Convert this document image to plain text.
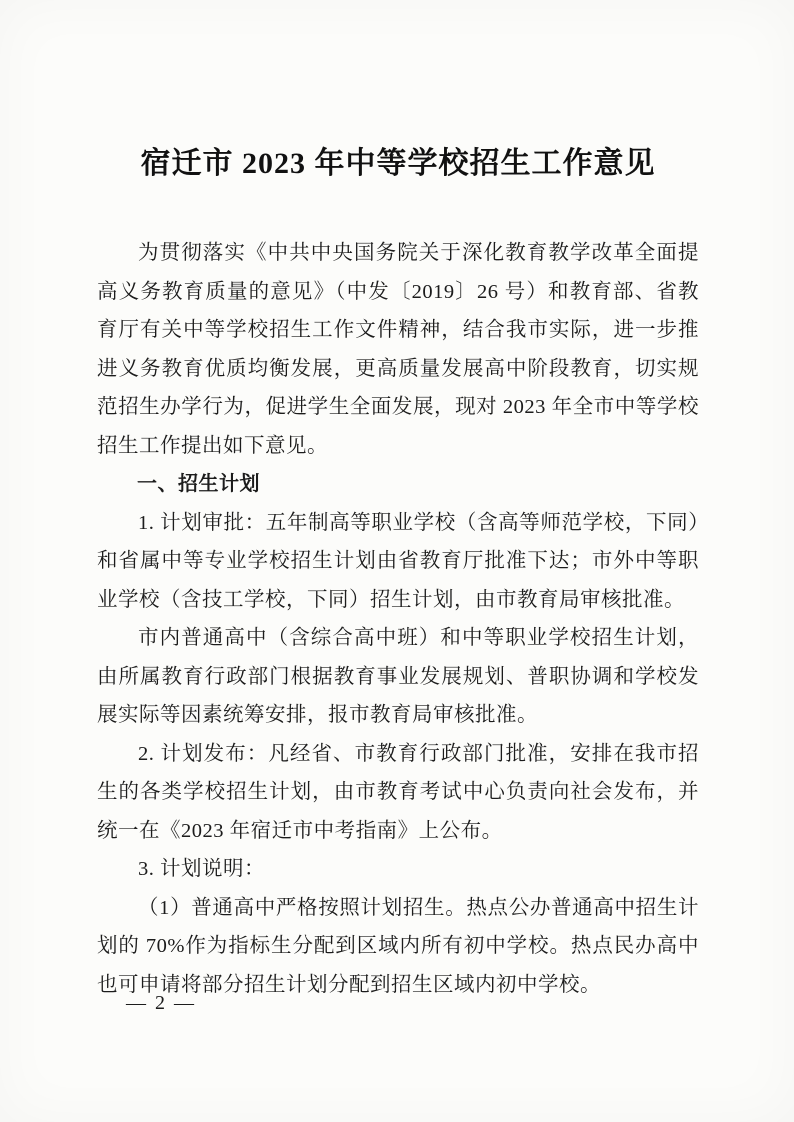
宿迁市 2023 年中等学校招生工作意见

为贯彻落实《中共中央国务院关于深化教育教学改革全面提高义务教育质量的意见》（中发〔2019〕26 号）和教育部、省教育厅有关中等学校招生工作文件精神，结合我市实际，进一步推进义务教育优质均衡发展，更高质量发展高中阶段教育，切实规范招生办学行为，促进学生全面发展，现对 2023 年全市中等学校招生工作提出如下意见。

一、招生计划

1. 计划审批：五年制高等职业学校（含高等师范学校，下同）和省属中等专业学校招生计划由省教育厅批准下达；市外中等职业学校（含技工学校，下同）招生计划，由市教育局审核批准。

市内普通高中（含综合高中班）和中等职业学校招生计划，由所属教育行政部门根据教育事业发展规划、普职协调和学校发展实际等因素统筹安排，报市教育局审核批准。

2. 计划发布：凡经省、市教育行政部门批准，安排在我市招生的各类学校招生计划，由市教育考试中心负责向社会发布，并统一在《2023 年宿迁市中考指南》上公布。

3. 计划说明：

（1）普通高中严格按照计划招生。热点公办普通高中招生计划的 70%作为指标生分配到区域内所有初中学校。热点民办高中也可申请将部分招生计划分配到招生区域内初中学校。

— 2 —
